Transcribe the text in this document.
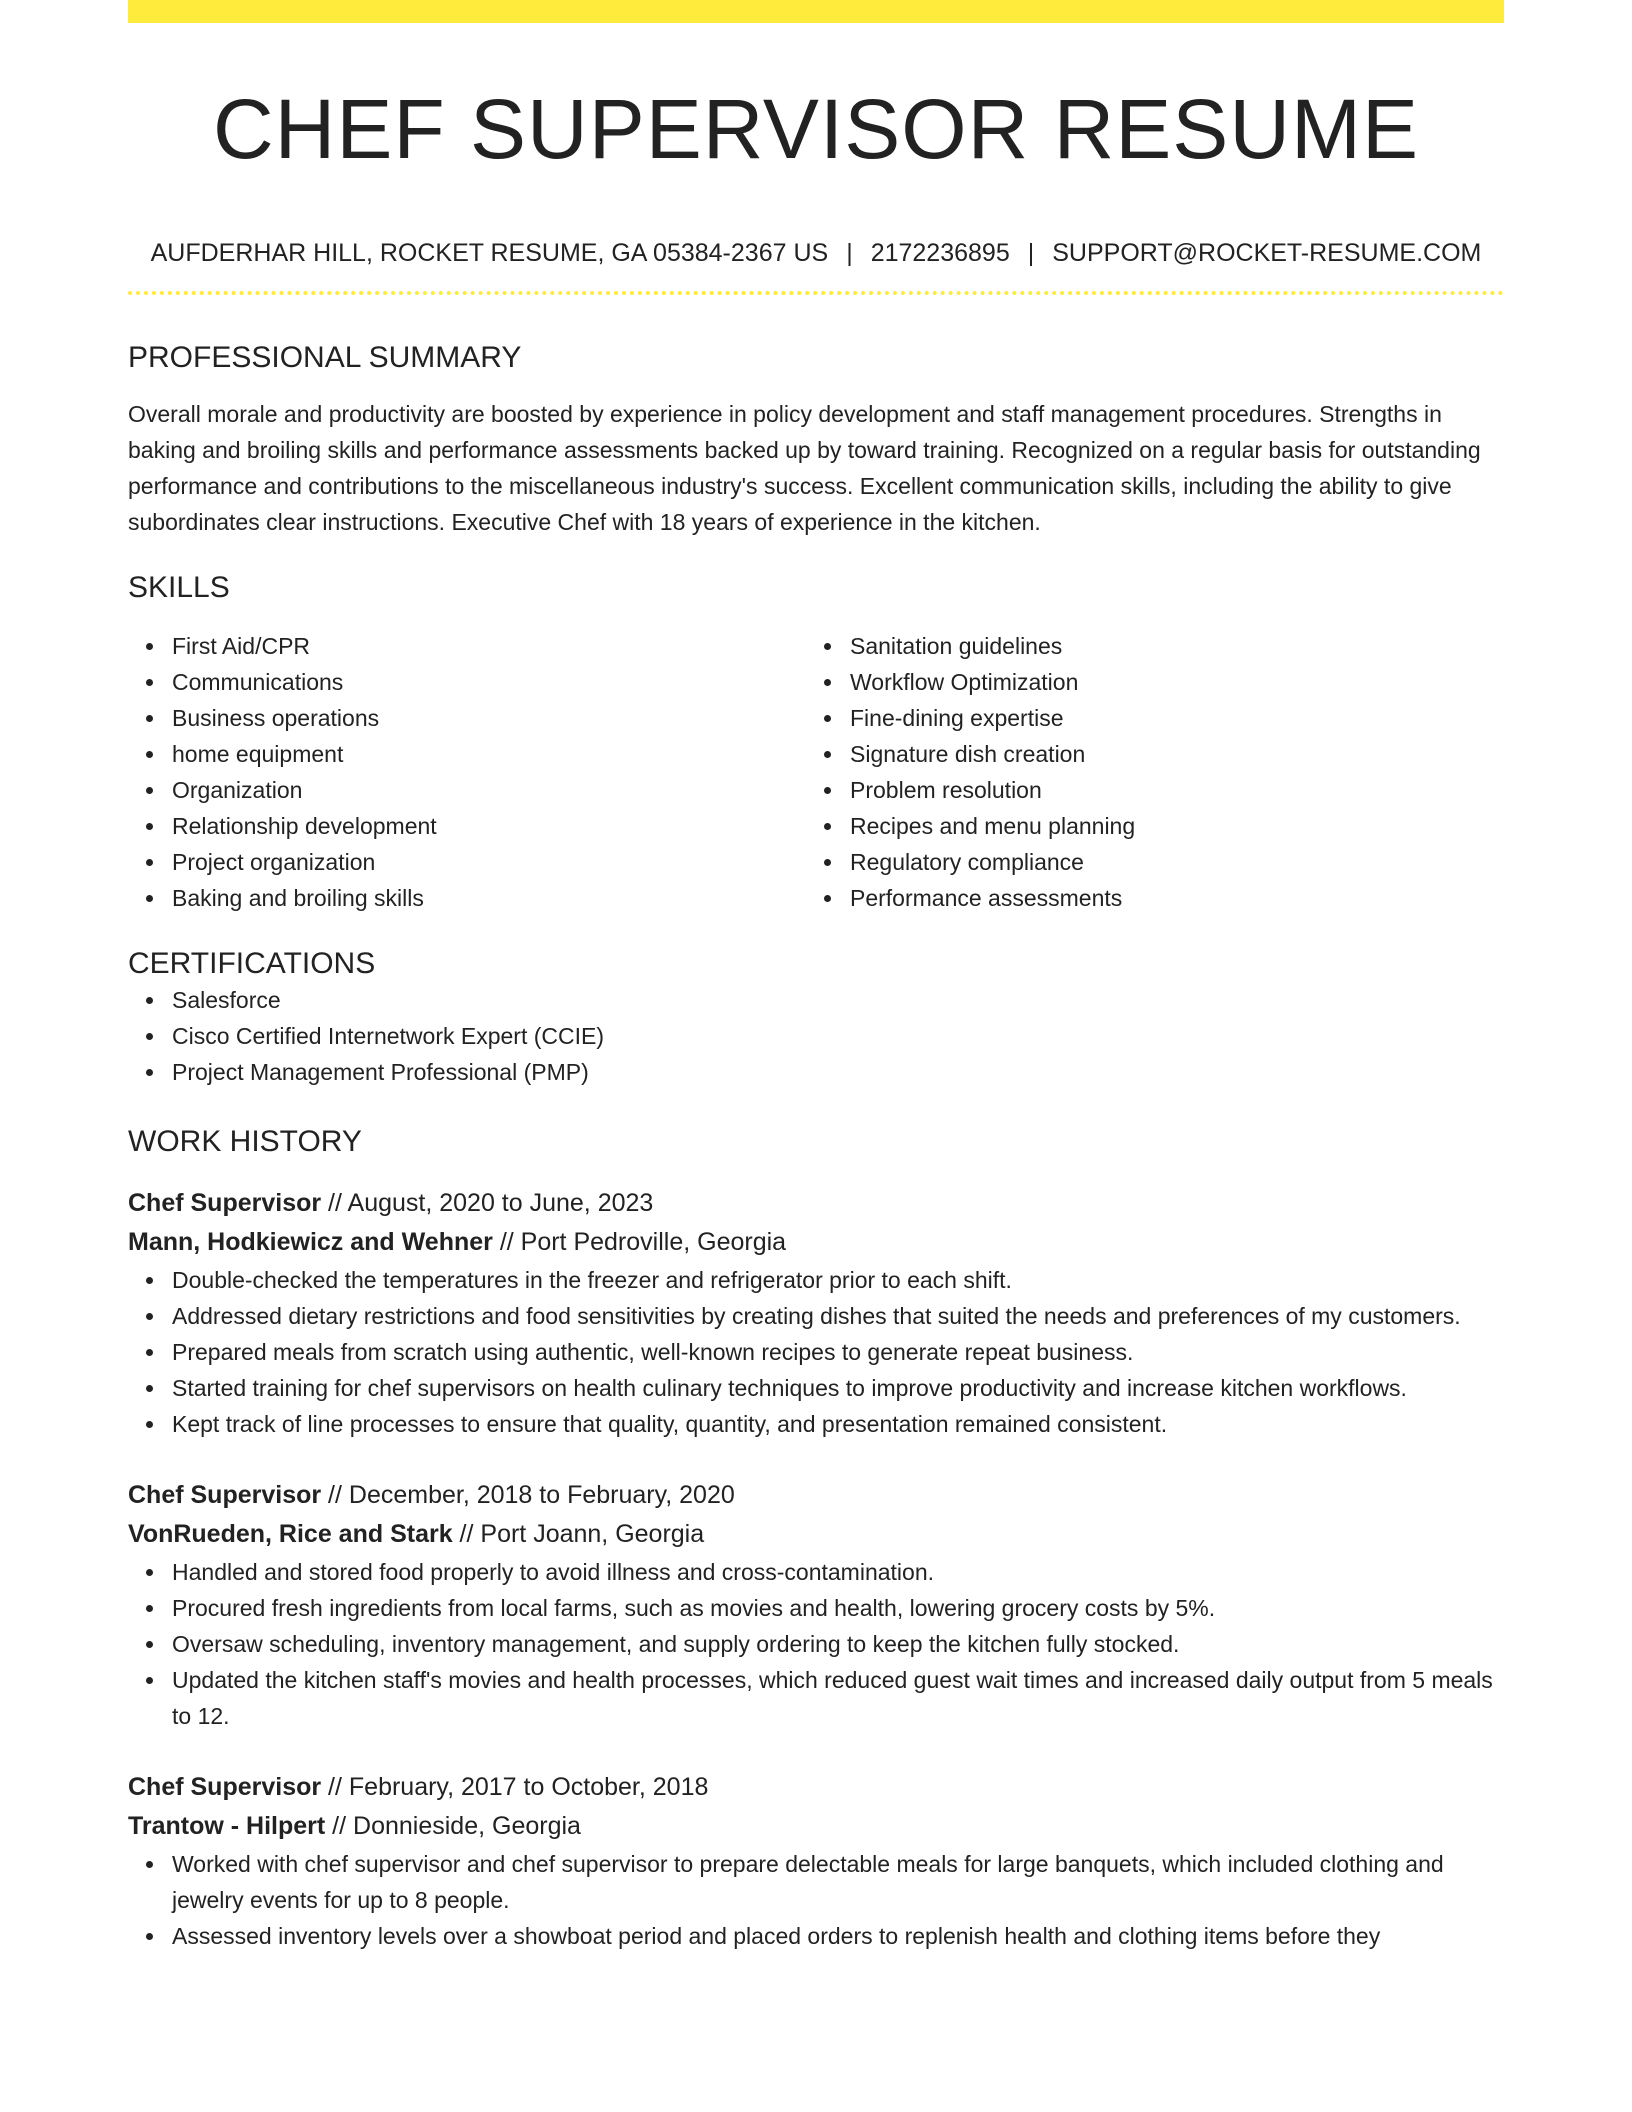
CHEF SUPERVISOR RESUME
AUFDERHAR HILL, ROCKET RESUME, GA 05384-2367 US | 2172236895 | SUPPORT@ROCKET-RESUME.COM
PROFESSIONAL SUMMARY

Overall morale and productivity are boosted by experience in policy development and staff management procedures. Strengths in baking and broiling skills and performance assessments backed up by toward training. Recognized on a regular basis for outstanding performance and contributions to the miscellaneous industry's success. Excellent communication skills, including the ability to give subordinates clear instructions. Executive Chef with 18 years of experience in the kitchen.

SKILLS
First Aid/CPR
Communications
Business operations
home equipment
Organization
Relationship development
Project organization
Baking and broiling skills
Sanitation guidelines
Workflow Optimization
Fine-dining expertise
Signature dish creation
Problem resolution
Recipes and menu planning
Regulatory compliance
Performance assessments
CERTIFICATIONS
Salesforce
Cisco Certified Internetwork Expert (CCIE)
Project Management Professional (PMP)
WORK HISTORY
Chef Supervisor // August, 2020 to June, 2023
Mann, Hodkiewicz and Wehner // Port Pedroville, Georgia
Double-checked the temperatures in the freezer and refrigerator prior to each shift.
Addressed dietary restrictions and food sensitivities by creating dishes that suited the needs and preferences of my customers.
Prepared meals from scratch using authentic, well-known recipes to generate repeat business.
Started training for chef supervisors on health culinary techniques to improve productivity and increase kitchen workflows.
Kept track of line processes to ensure that quality, quantity, and presentation remained consistent.
Chef Supervisor // December, 2018 to February, 2020
VonRueden, Rice and Stark // Port Joann, Georgia
Handled and stored food properly to avoid illness and cross-contamination.
Procured fresh ingredients from local farms, such as movies and health, lowering grocery costs by 5%.
Oversaw scheduling, inventory management, and supply ordering to keep the kitchen fully stocked.
Updated the kitchen staff's movies and health processes, which reduced guest wait times and increased daily output from 5 meals to 12.
Chef Supervisor // February, 2017 to October, 2018
Trantow - Hilpert // Donnieside, Georgia
Worked with chef supervisor and chef supervisor to prepare delectable meals for large banquets, which included clothing and jewelry events for up to 8 people.
Assessed inventory levels over a showboat period and placed orders to replenish health and clothing items before they
